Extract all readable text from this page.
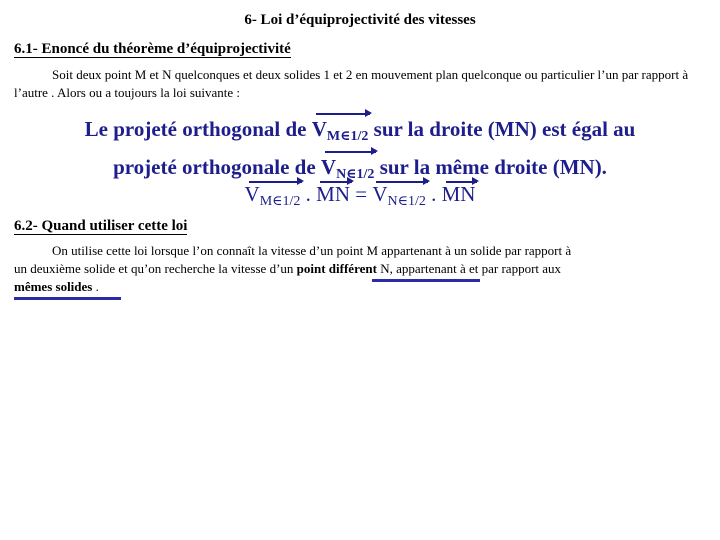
6- Loi d’équiprojectivité des vitesses
6.1- Enoncé du théorème d’équiprojectivité
Soit deux point M et N quelconques et deux solides 1 et 2 en mouvement plan quelconque ou particulier l’un par rapport à l’autre . Alors ou a toujours la loi suivante :
Le projeté orthogonal de $V_{M\in 1/2}$ sur la droite (MN) est égal au
projeté orthogonale de $V_{N\in 1/2}$ sur la même droite (MN).
$V_{M\in 1/2}$ . MN = $V_{N\in 1/2}$ . MN
6.2- Quand utiliser cette loi
On utilise cette loi lorsque l’on connaît la vitesse d’un point M appartenant à un solide par rapport à
un deuxième solide et qu’on recherche la vitesse d’un point différent N, appartenant à et par rapport aux
mêmes solides .
